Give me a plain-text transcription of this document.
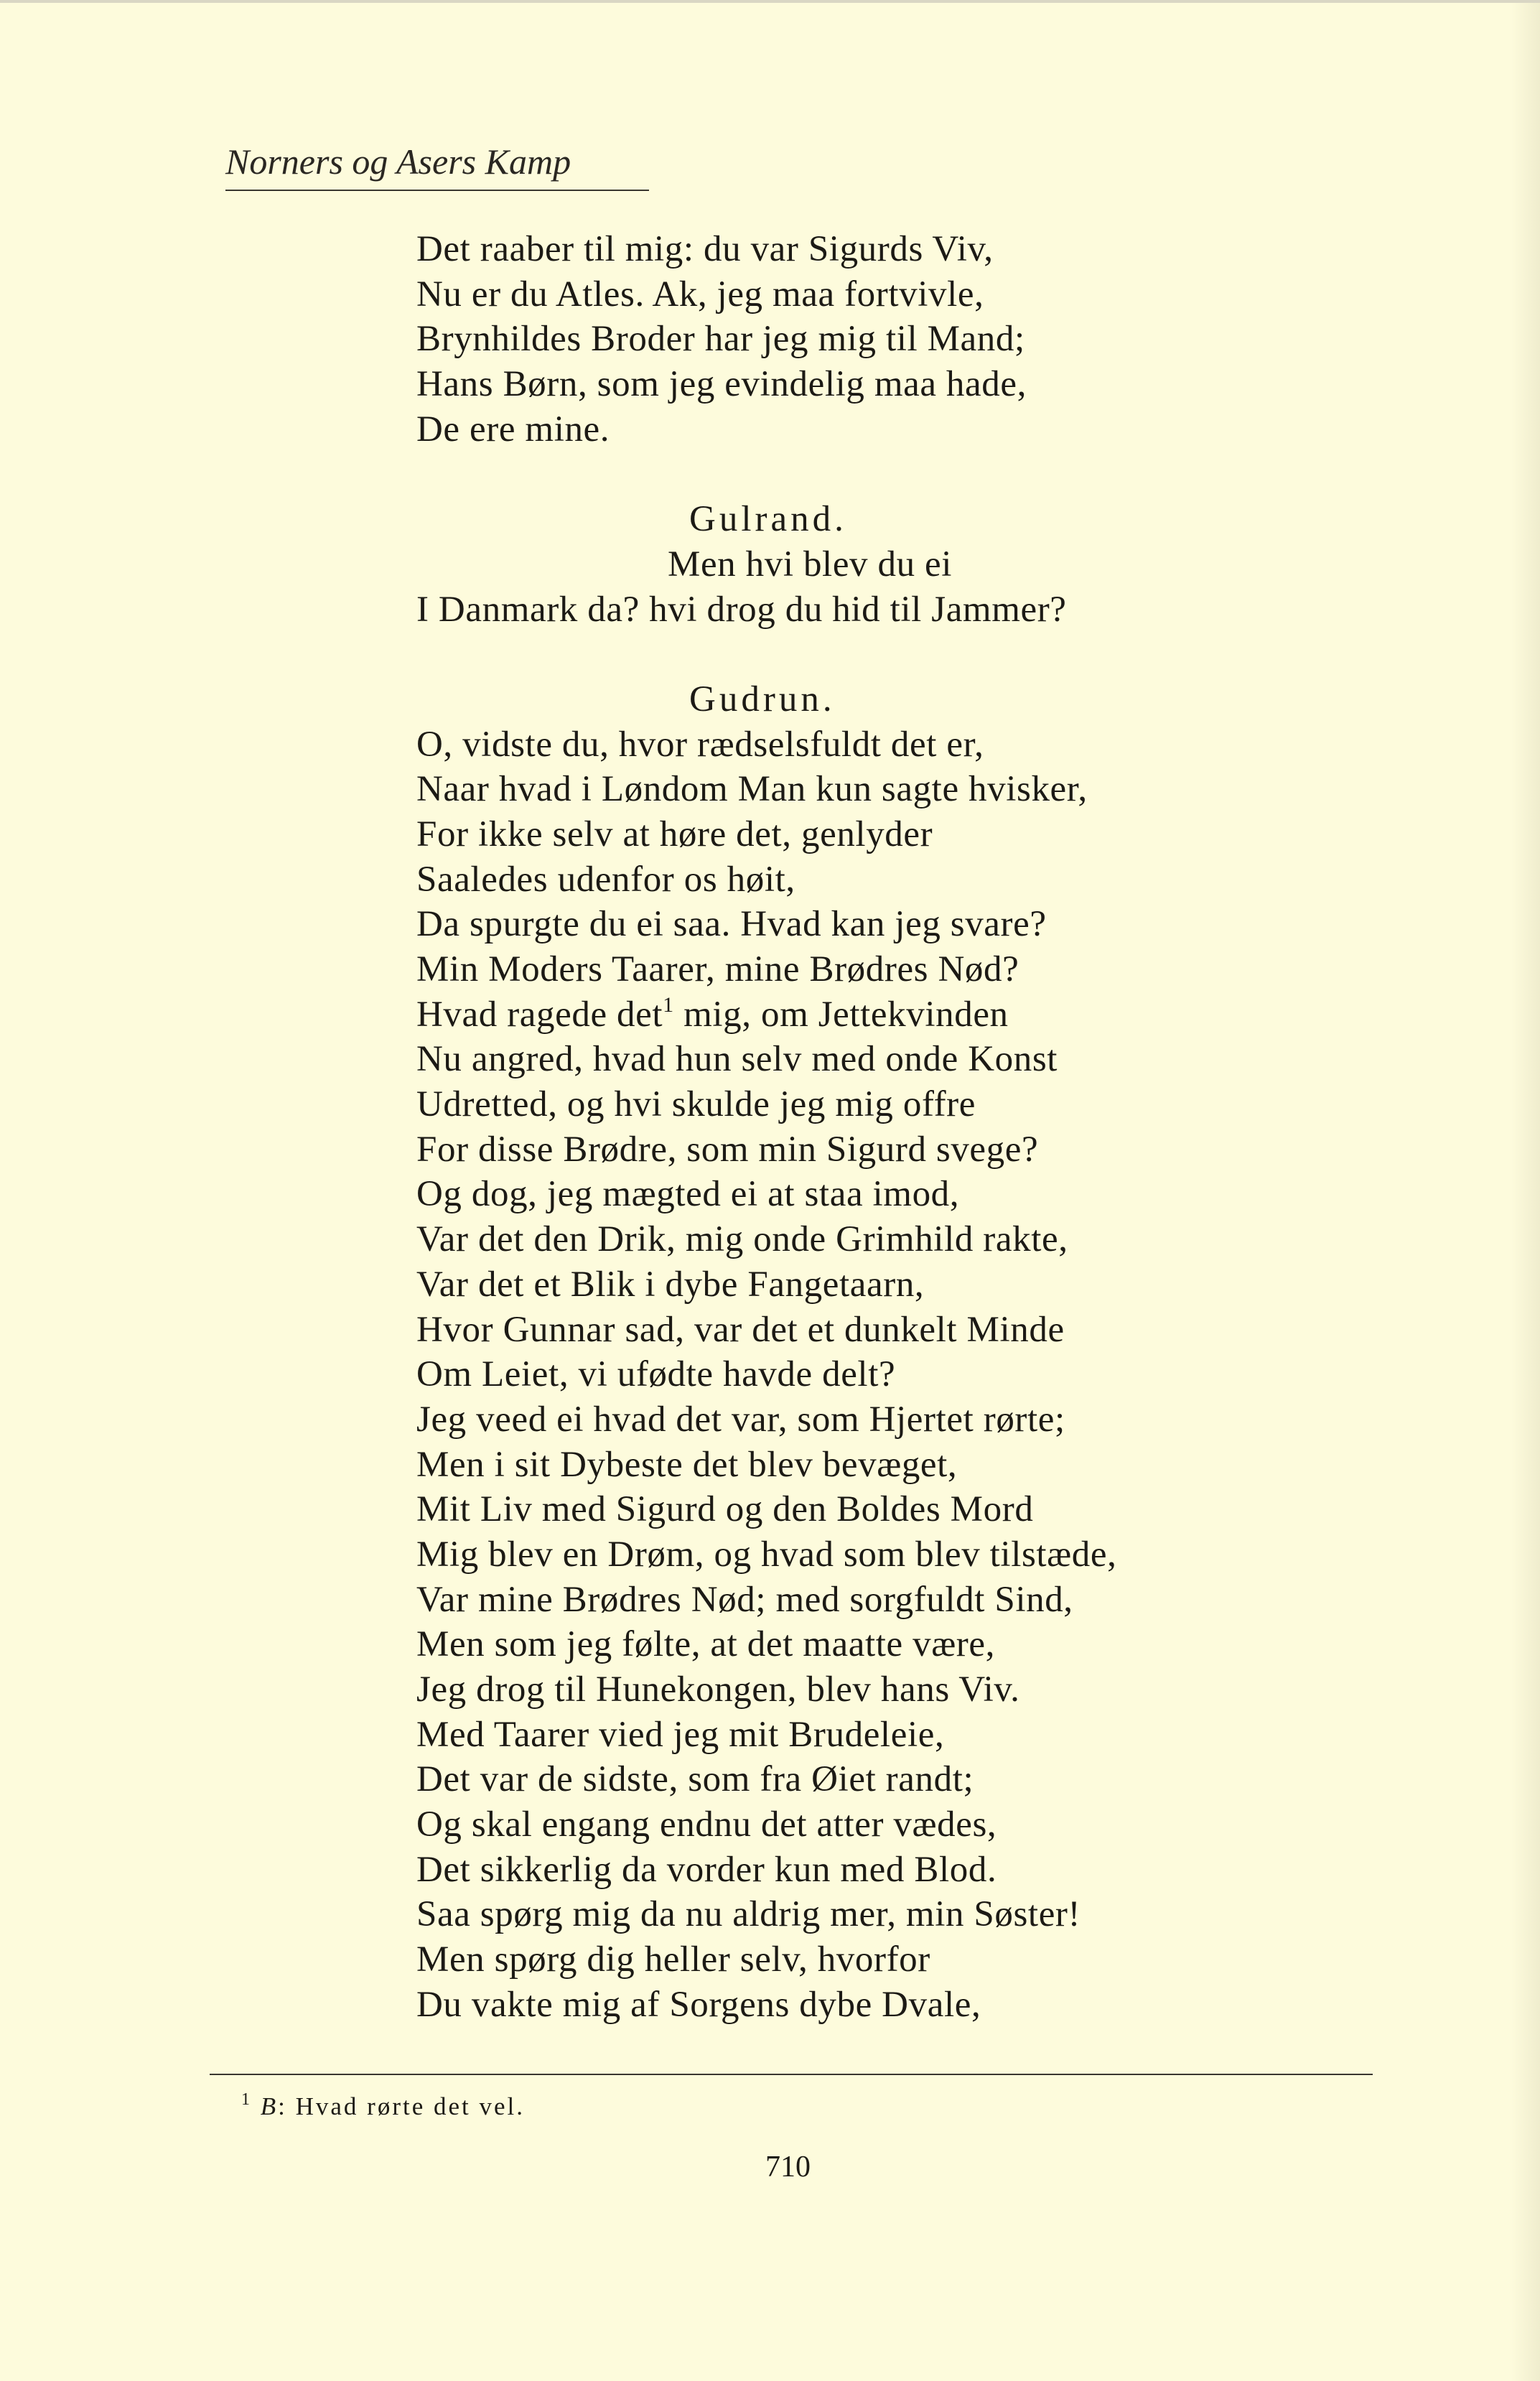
Norners og Asers Kamp
Det raaber til mig: du var Sigurds Viv,
Nu er du Atles. Ak, jeg maa fortvivle,
Brynhildes Broder har jeg mig til Mand;
Hans Børn, som jeg evindelig maa hade,
De ere mine.
Gulrand.
Men hvi blev du ei
I Danmark da? hvi drog du hid til Jammer?
Gudrun.
O, vidste du, hvor rædselsfuldt det er,
Naar hvad i Løndom Man kun sagte hvisker,
For ikke selv at høre det, genlyder
Saaledes udenfor os høit,
Da spurgte du ei saa. Hvad kan jeg svare?
Min Moders Taarer, mine Brødres Nød?
Hvad ragede $\det^1$ mig, om Jettekvinden
Nu angred, hvad hun selv med onde Konst
Udretted, og hvi skulde jeg mig offre
For disse Brødre, som min Sigurd svege?
Og dog, jeg mægted ei at staa imod,
Var det den Drik, mig onde Grimhild rakte,
Var det et Blik i dybe Fangetaarn,
Hvor Gunnar sad, var det et dunkelt Minde
Om Leiet, vi ufødte havde delt?
Jeg veed ei hvad det var, som Hjertet rørte;
Men i sit Dybeste det blev bevæget,
Mit Liv med Sigurd og den Boldes Mord
Mig blev en Drøm, og hvad som blev tilstæde,
Var mine Brødres Nød; med sorgfuldt Sind,
Men som jeg følte, at det maatte være,
Jeg drog til Hunekongen, blev hans Viv.
Med Taarer vied jeg mit Brudeleie,
Det var de sidste, som fra Øiet randt;
Og skal engang endnu det atter vædes,
Det sikkerlig da vorder kun med Blod.
Saa spørg mig da nu aldrig mer, min Søster!
Men spørg dig heller selv, hvorfor
Du vakte mig af Sorgens dybe Dvale,
$^1$ B: Hvad rørte det vel.
710
